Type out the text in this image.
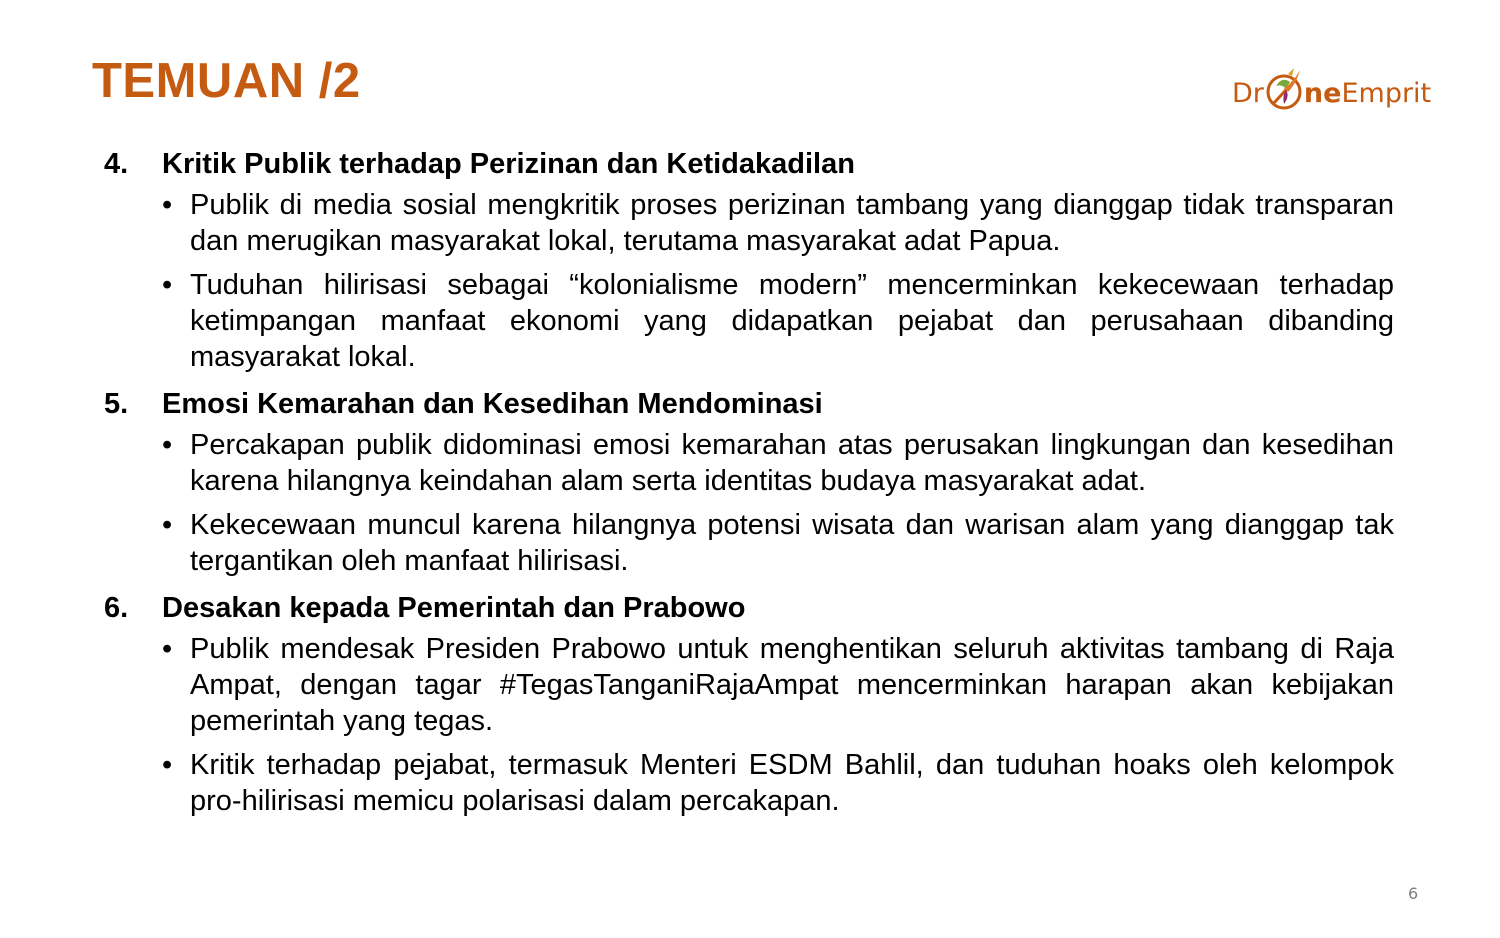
TEMUAN /2	Dr neEmprit
4.	Kritik Publik terhadap Perizinan dan Ketidakadilan
• Publik di media sosial mengkritik proses perizinan tambang yang dianggap tidak transparan dan merugikan masyarakat lokal, terutama masyarakat adat Papua.
• Tuduhan hilirisasi sebagai “kolonialisme modern” mencerminkan kekecewaan terhadap ketimpangan manfaat ekonomi yang didapatkan pejabat dan perusahaan dibanding masyarakat lokal.
5.	Emosi Kemarahan dan Kesedihan Mendominasi
• Percakapan publik didominasi emosi kemarahan atas perusakan lingkungan dan kesedihan karena hilangnya keindahan alam serta identitas budaya masyarakat adat.
• Kekecewaan muncul karena hilangnya potensi wisata dan warisan alam yang dianggap tak tergantikan oleh manfaat hilirisasi.
6.	Desakan kepada Pemerintah dan Prabowo
• Publik mendesak Presiden Prabowo untuk menghentikan seluruh aktivitas tambang di Raja Ampat, dengan tagar #TegasTanganiRajaAmpat mencerminkan harapan akan kebijakan pemerintah yang tegas.
• Kritik terhadap pejabat, termasuk Menteri ESDM Bahlil, dan tuduhan hoaks oleh kelompok pro-hilirisasi memicu polarisasi dalam percakapan.
6
